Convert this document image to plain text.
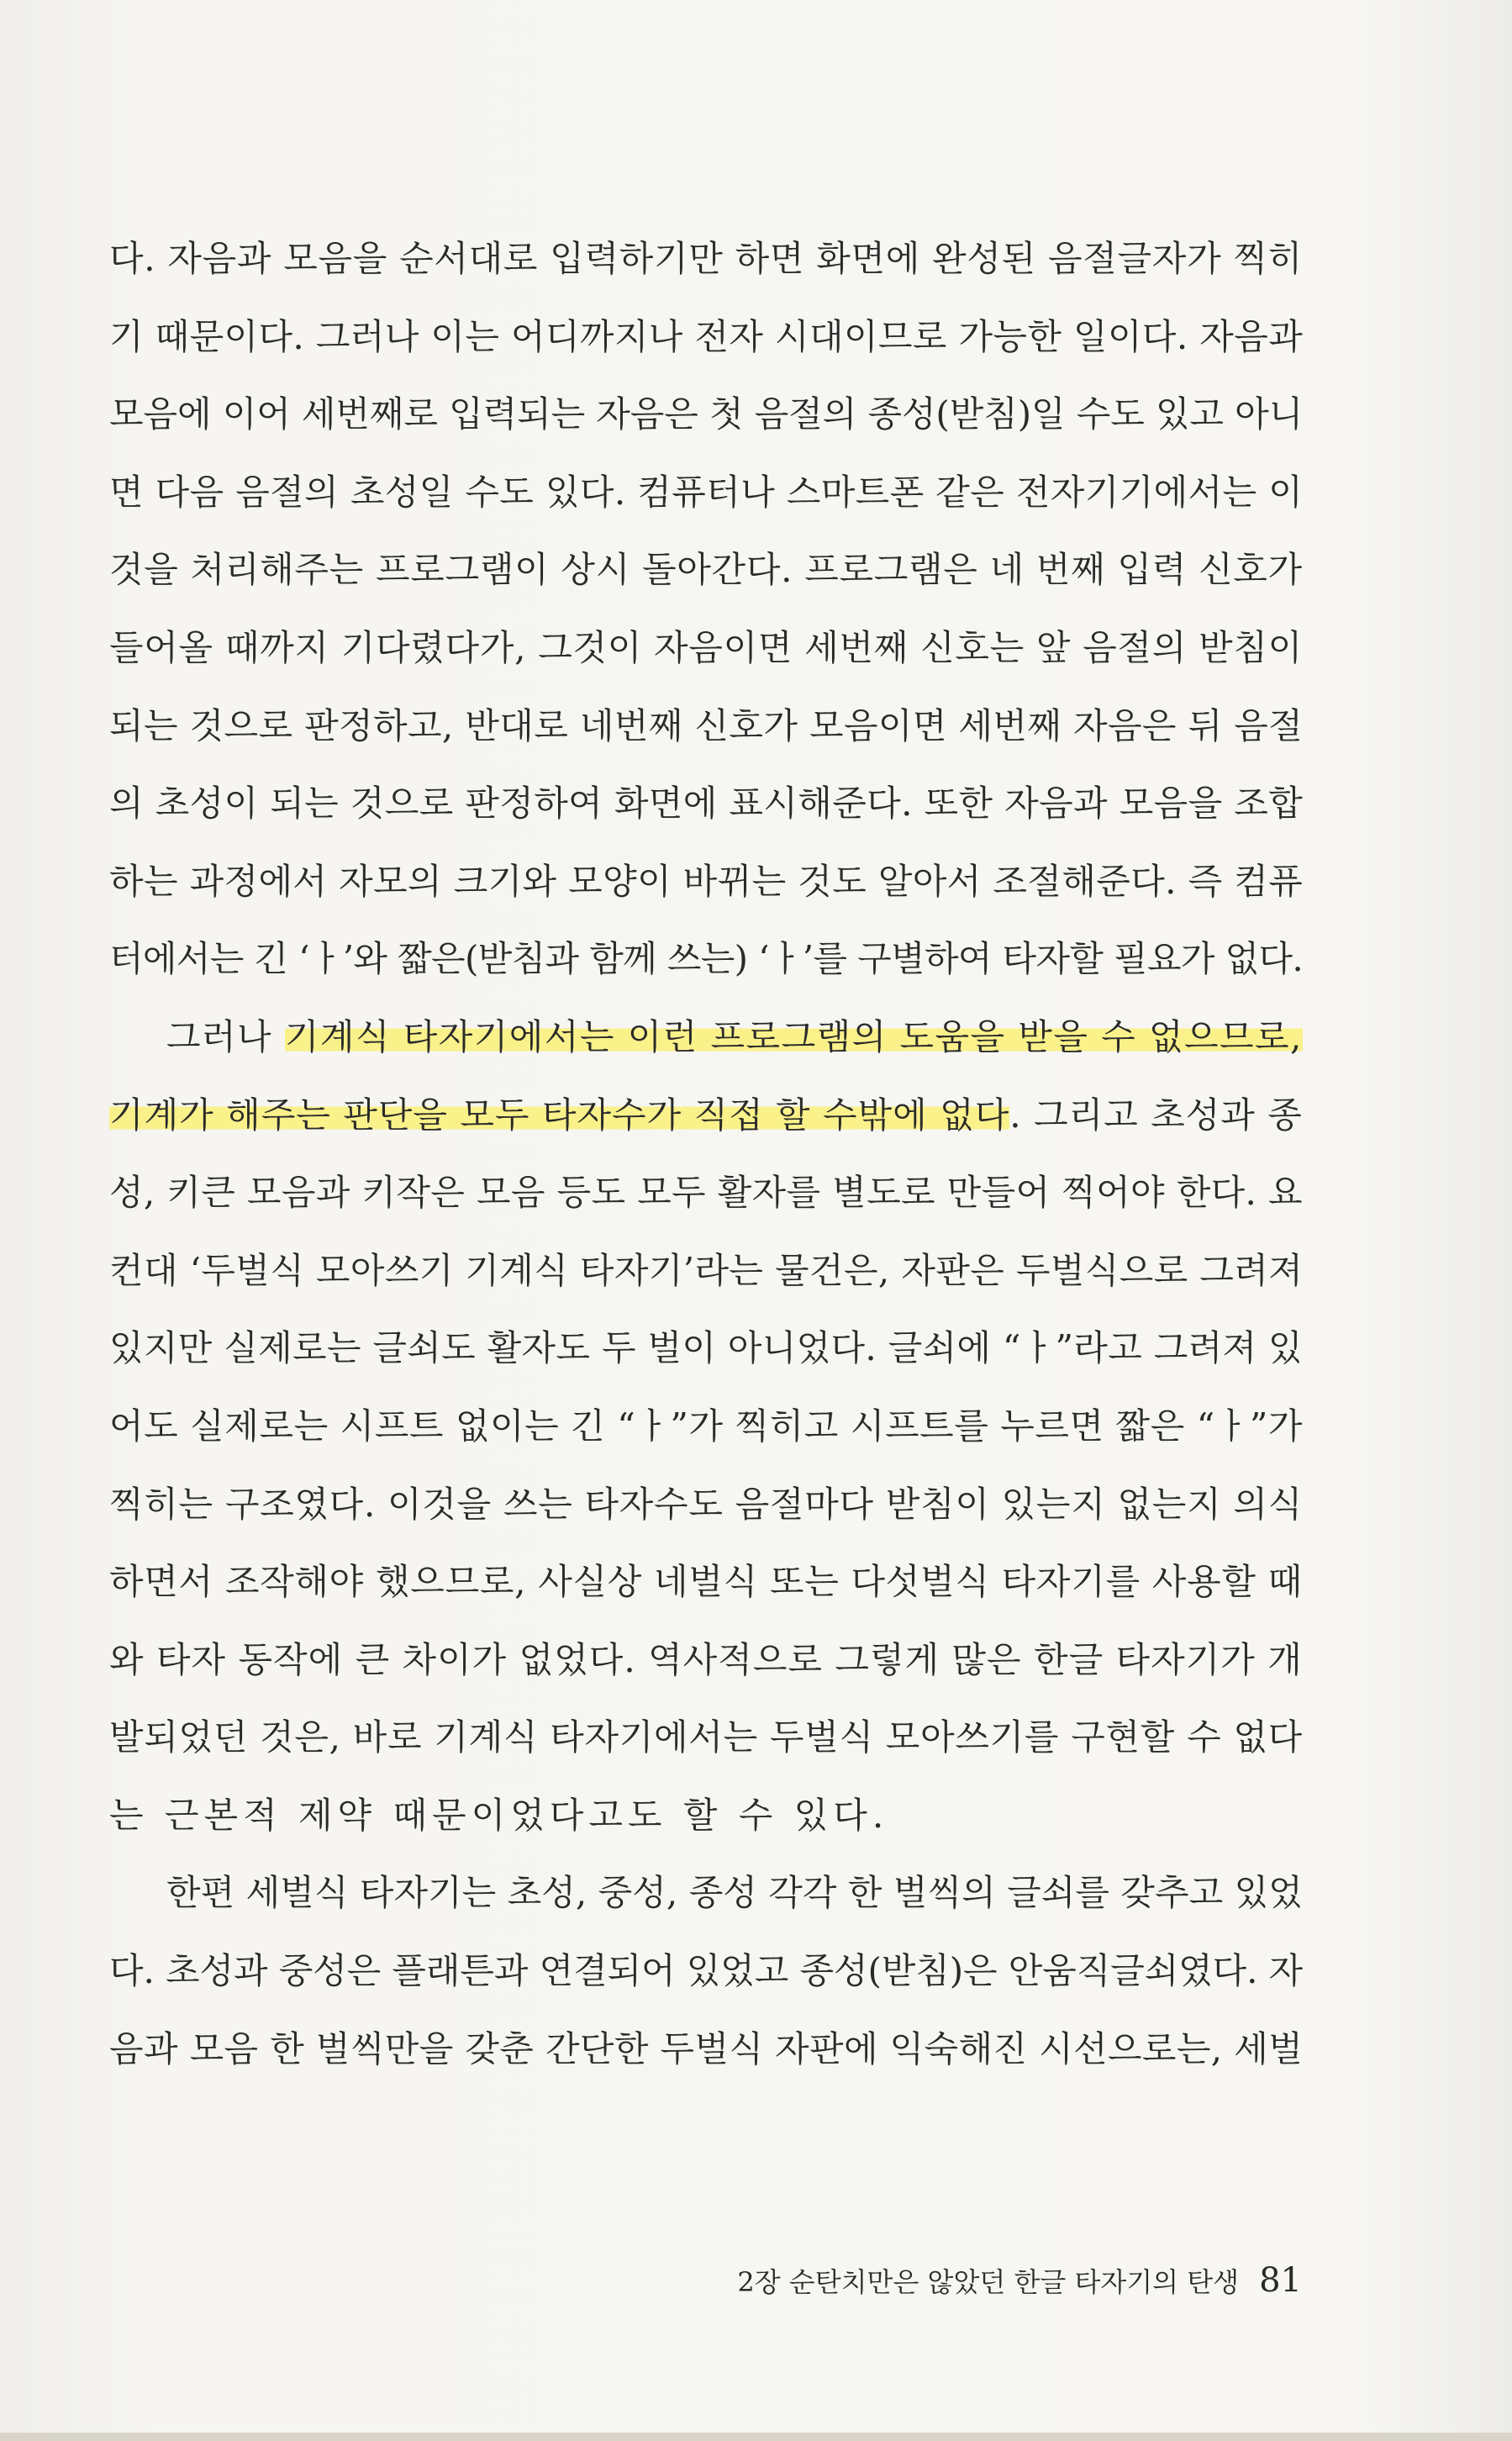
다. 자음과 모음을 순서대로 입력하기만 하면 화면에 완성된 음절글자가 찍히
기 때문이다. 그러나 이는 어디까지나 전자 시대이므로 가능한 일이다. 자음과
모음에 이어 세번째로 입력되는 자음은 첫 음절의 종성(받침)일 수도 있고 아니
면 다음 음절의 초성일 수도 있다. 컴퓨터나 스마트폰 같은 전자기기에서는 이
것을 처리해주는 프로그램이 상시 돌아간다. 프로그램은 네 번째 입력 신호가
들어올 때까지 기다렸다가, 그것이 자음이면 세번째 신호는 앞 음절의 받침이
되는 것으로 판정하고, 반대로 네번째 신호가 모음이면 세번째 자음은 뒤 음절
의 초성이 되는 것으로 판정하여 화면에 표시해준다. 또한 자음과 모음을 조합
하는 과정에서 자모의 크기와 모양이 바뀌는 것도 알아서 조절해준다. 즉 컴퓨
터에서는 긴 ‘ㅏ’와 짧은(받침과 함께 쓰는) ‘ㅏ’를 구별하여 타자할 필요가 없다.
그러나 기계식 타자기에서는 이런 프로그램의 도움을 받을 수 없으므로,
기계가 해주는 판단을 모두 타자수가 직접 할 수밖에 없다. 그리고 초성과 종
성, 키큰 모음과 키작은 모음 등도 모두 활자를 별도로 만들어 찍어야 한다. 요
컨대 ‘두벌식 모아쓰기 기계식 타자기’라는 물건은, 자판은 두벌식으로 그려져
있지만 실제로는 글쇠도 활자도 두 벌이 아니었다. 글쇠에 “ㅏ”라고 그려져 있
어도 실제로는 시프트 없이는 긴 “ㅏ”가 찍히고 시프트를 누르면 짧은 “ㅏ”가
찍히는 구조였다. 이것을 쓰는 타자수도 음절마다 받침이 있는지 없는지 의식
하면서 조작해야 했으므로, 사실상 네벌식 또는 다섯벌식 타자기를 사용할 때
와 타자 동작에 큰 차이가 없었다. 역사적으로 그렇게 많은 한글 타자기가 개
발되었던 것은, 바로 기계식 타자기에서는 두벌식 모아쓰기를 구현할 수 없다
는 근본적 제약 때문이었다고도 할 수 있다.
한편 세벌식 타자기는 초성, 중성, 종성 각각 한 벌씩의 글쇠를 갖추고 있었
다. 초성과 중성은 플래튼과 연결되어 있었고 종성(받침)은 안움직글쇠였다. 자
음과 모음 한 벌씩만을 갖춘 간단한 두벌식 자판에 익숙해진 시선으로는, 세벌
2장 순탄치만은 않았던 한글 타자기의 탄생 81
